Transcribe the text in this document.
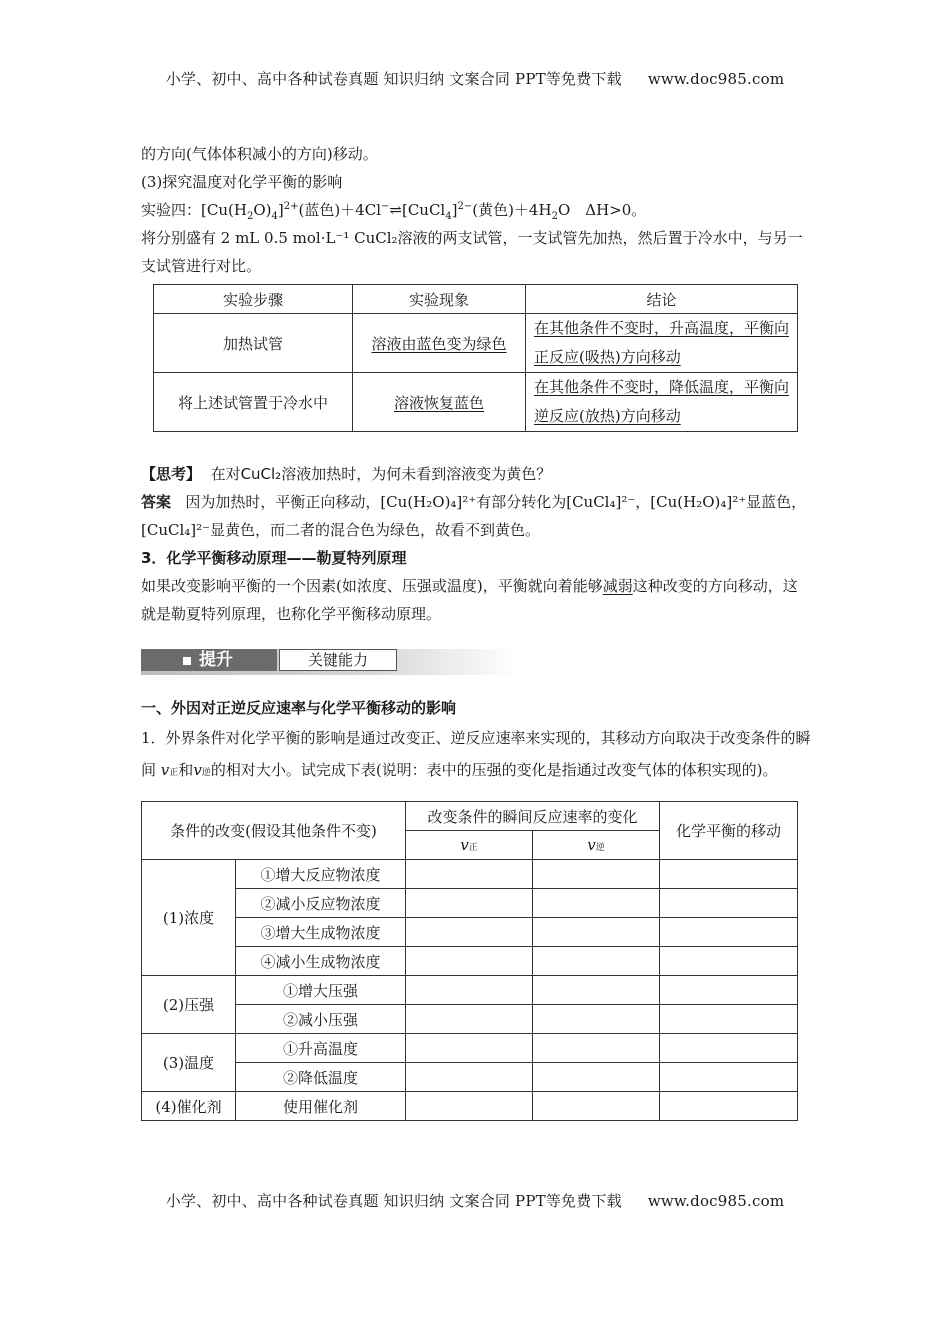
小学、初中、高中各种试卷真题 知识归纳 文案合同 PPT等免费下载 www.doc985.com

的方向(气体体积减小的方向)移动。

(3)探究温度对化学平衡的影响

实验四：$[Cu(H_2O)_4]^{2+}$(蓝色)＋4Cl−⇌[CuCl$_4$]$^{2-}$(黄色)$+4H_2O$　ΔH>0。

将分别盛有 2 mL 0.5 mol·L⁻¹ CuCl₂溶液的两支试管，一支试管先加热，然后置于冷水中，与另一支试管进行对比。

实验步骤	实验现象	结论
加热试管	溶液由蓝色变为绿色	在其他条件不变时，升高温度，平衡向正反应(吸热)方向移动
将上述试管置于冷水中	溶液恢复蓝色	在其他条件不变时，降低温度，平衡向逆反应(放热)方向移动

【思考】 在对CuCl₂溶液加热时，为何未看到溶液变为黄色？

答案 因为加热时，平衡正向移动，[Cu(H₂O)₄]²⁺有部分转化为[CuCl₄]²⁻，[Cu(H₂O)₄]²⁺显蓝色，[CuCl₄]²⁻显黄色，而二者的混合色为绿色，故看不到黄色。

3．化学平衡移动原理——勒夏特列原理

如果改变影响平衡的一个因素(如浓度、压强或温度)，平衡就向着能够减弱这种改变的方向移动，这就是勒夏特列原理，也称化学平衡移动原理。

提升	关键能力

一、外因对正逆反应速率与化学平衡移动的影响

1．外界条件对化学平衡的影响是通过改变正、逆反应速率来实现的，其移动方向取决于改变条件的瞬间 v正和v逆的相对大小。试完成下表(说明：表中的压强的变化是指通过改变气体的体积实现的)。

条件的改变(假设其他条件不变)		改变条件的瞬间反应速率的变化		化学平衡的移动
		v正	v逆	
(1)浓度	①增大反应物浓度			
	②减小反应物浓度			
	③增大生成物浓度			
	④减小生成物浓度			
(2)压强	①增大压强			
	②减小压强			
(3)温度	①升高温度			
	②降低温度			
(4)催化剂	使用催化剂			
小学、初中、高中各种试卷真题 知识归纳 文案合同 PPT等免费下载 www.doc985.com
